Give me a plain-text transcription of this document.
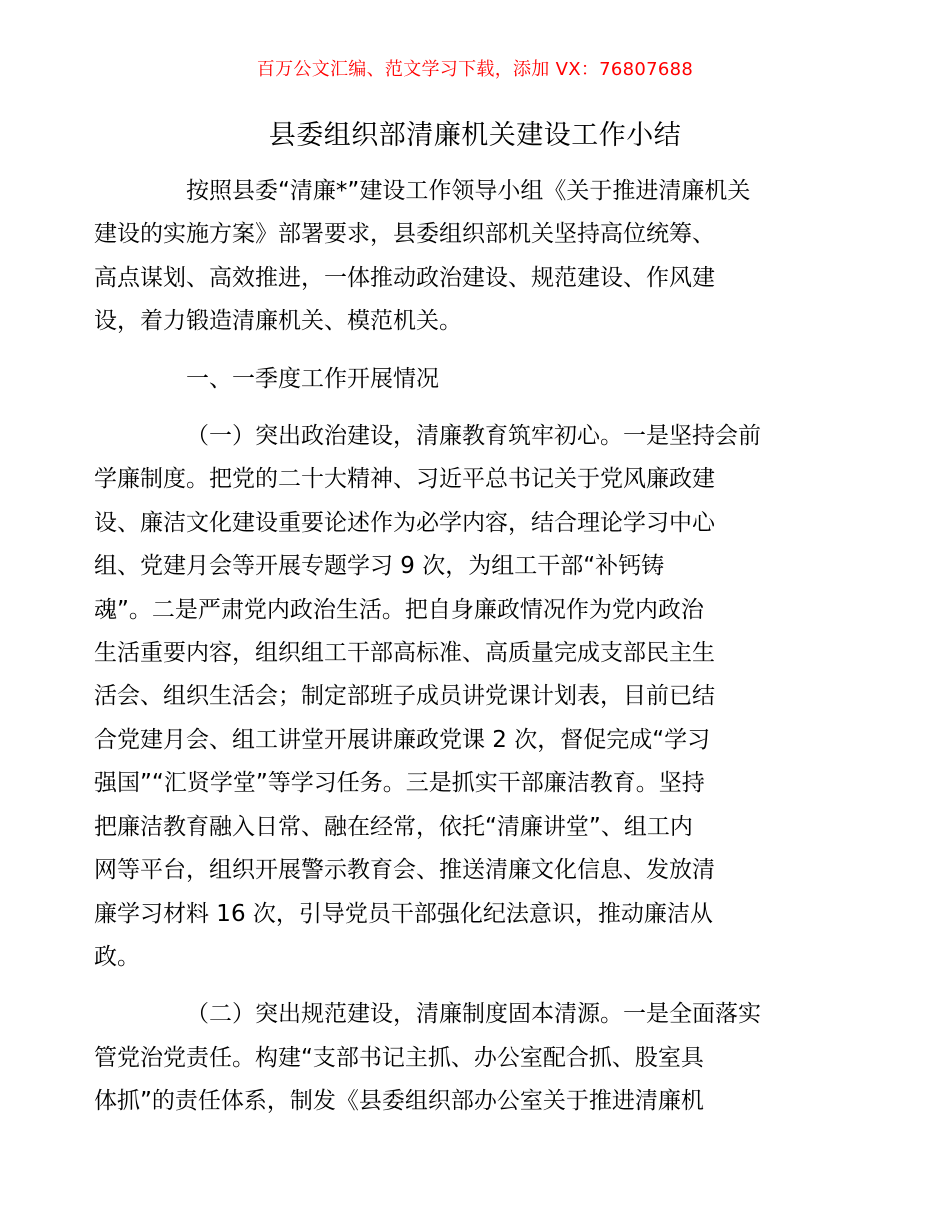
百万公文汇编、范文学习下载，添加 VX：76807688
县委组织部清廉机关建设工作小结

按照县委“清廉*”建设工作领导小组《关于推进清廉机关
建设的实施方案》部署要求，县委组织部机关坚持高位统筹、
高点谋划、高效推进，一体推动政治建设、规范建设、作风建
设，着力锻造清廉机关、模范机关。

一、一季度工作开展情况

（一）突出政治建设，清廉教育筑牢初心。一是坚持会前
学廉制度。把党的二十大精神、习近平总书记关于党风廉政建
设、廉洁文化建设重要论述作为必学内容，结合理论学习中心
组、党建月会等开展专题学习 9 次，为组工干部“补钙铸
魂”。二是严肃党内政治生活。把自身廉政情况作为党内政治
生活重要内容，组织组工干部高标准、高质量完成支部民主生
活会、组织生活会；制定部班子成员讲党课计划表，目前已结
合党建月会、组工讲堂开展讲廉政党课 2 次，督促完成“学习
强国”“汇贤学堂”等学习任务。三是抓实干部廉洁教育。坚持
把廉洁教育融入日常、融在经常，依托“清廉讲堂”、组工内
网等平台，组织开展警示教育会、推送清廉文化信息、发放清
廉学习材料 16 次，引导党员干部强化纪法意识，推动廉洁从
政。

（二）突出规范建设，清廉制度固本清源。一是全面落实
管党治党责任。构建“支部书记主抓、办公室配合抓、股室具
体抓”的责任体系，制发《县委组织部办公室关于推进清廉机
